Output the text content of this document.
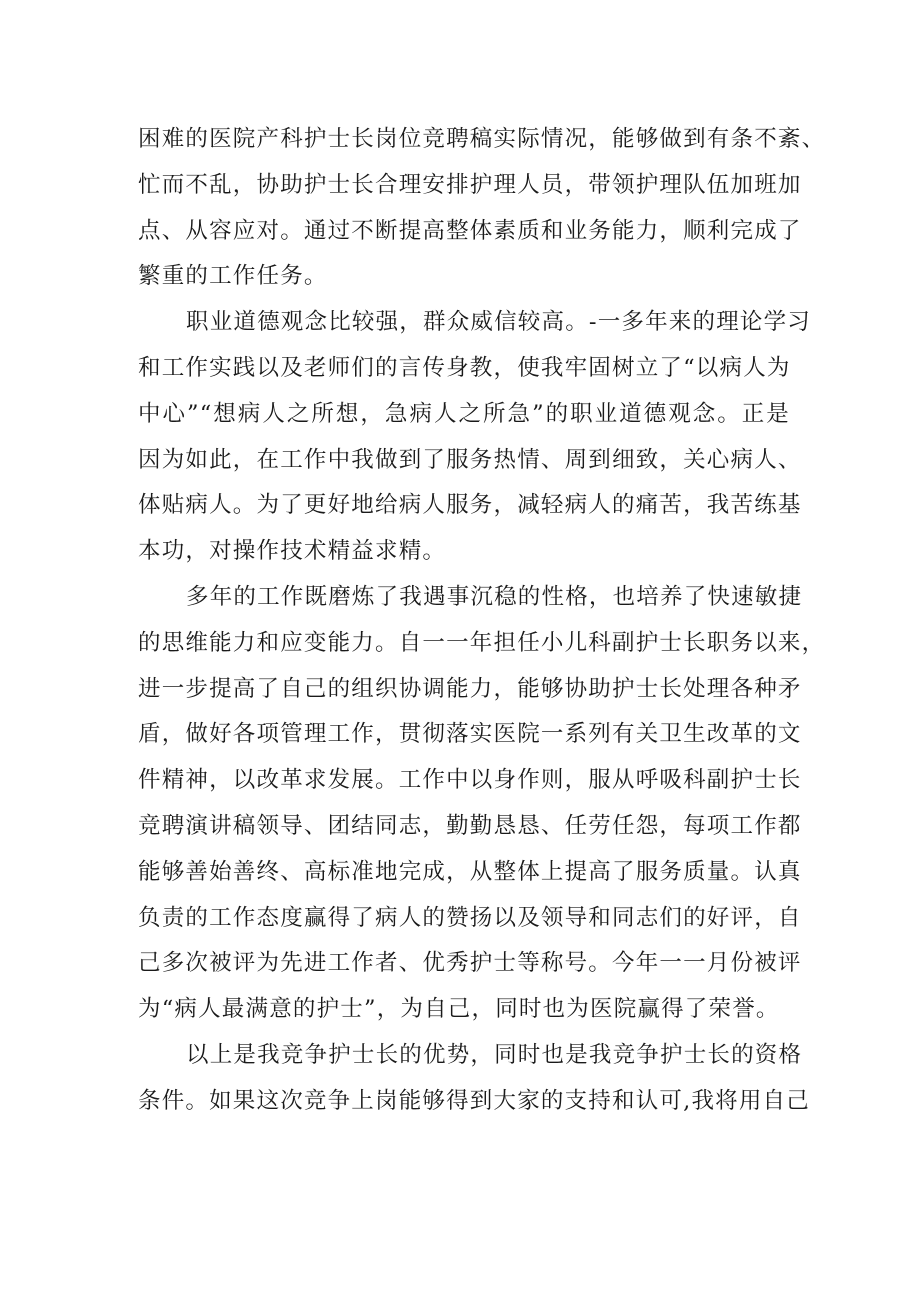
困难的医院产科护士长岗位竞聘稿实际情况，能够做到有条不紊、
忙而不乱，协助护士长合理安排护理人员，带领护理队伍加班加
点、从容应对。通过不断提高整体素质和业务能力，顺利完成了
繁重的工作任务。
职业道德观念比较强，群众威信较高。-一多年来的理论学习
和工作实践以及老师们的言传身教，使我牢固树立了“以病人为
中心”“想病人之所想，急病人之所急”的职业道德观念。正是
因为如此，在工作中我做到了服务热情、周到细致，关心病人、
体贴病人。为了更好地给病人服务，减轻病人的痛苦，我苦练基
本功，对操作技术精益求精。
多年的工作既磨炼了我遇事沉稳的性格，也培养了快速敏捷
的思维能力和应变能力。自一一年担任小儿科副护士长职务以来，
进一步提高了自己的组织协调能力，能够协助护士长处理各种矛
盾，做好各项管理工作，贯彻落实医院一系列有关卫生改革的文
件精神，以改革求发展。工作中以身作则，服从呼吸科副护士长
竞聘演讲稿领导、团结同志，勤勤恳恳、任劳任怨，每项工作都
能够善始善终、高标准地完成，从整体上提高了服务质量。认真
负责的工作态度赢得了病人的赞扬以及领导和同志们的好评，自
己多次被评为先进工作者、优秀护士等称号。今年一一月份被评
为“病人最满意的护士”，为自己，同时也为医院赢得了荣誉。
以上是我竞争护士长的优势，同时也是我竞争护士长的资格
条件。如果这次竞争上岗能够得到大家的支持和认可,我将用自己
